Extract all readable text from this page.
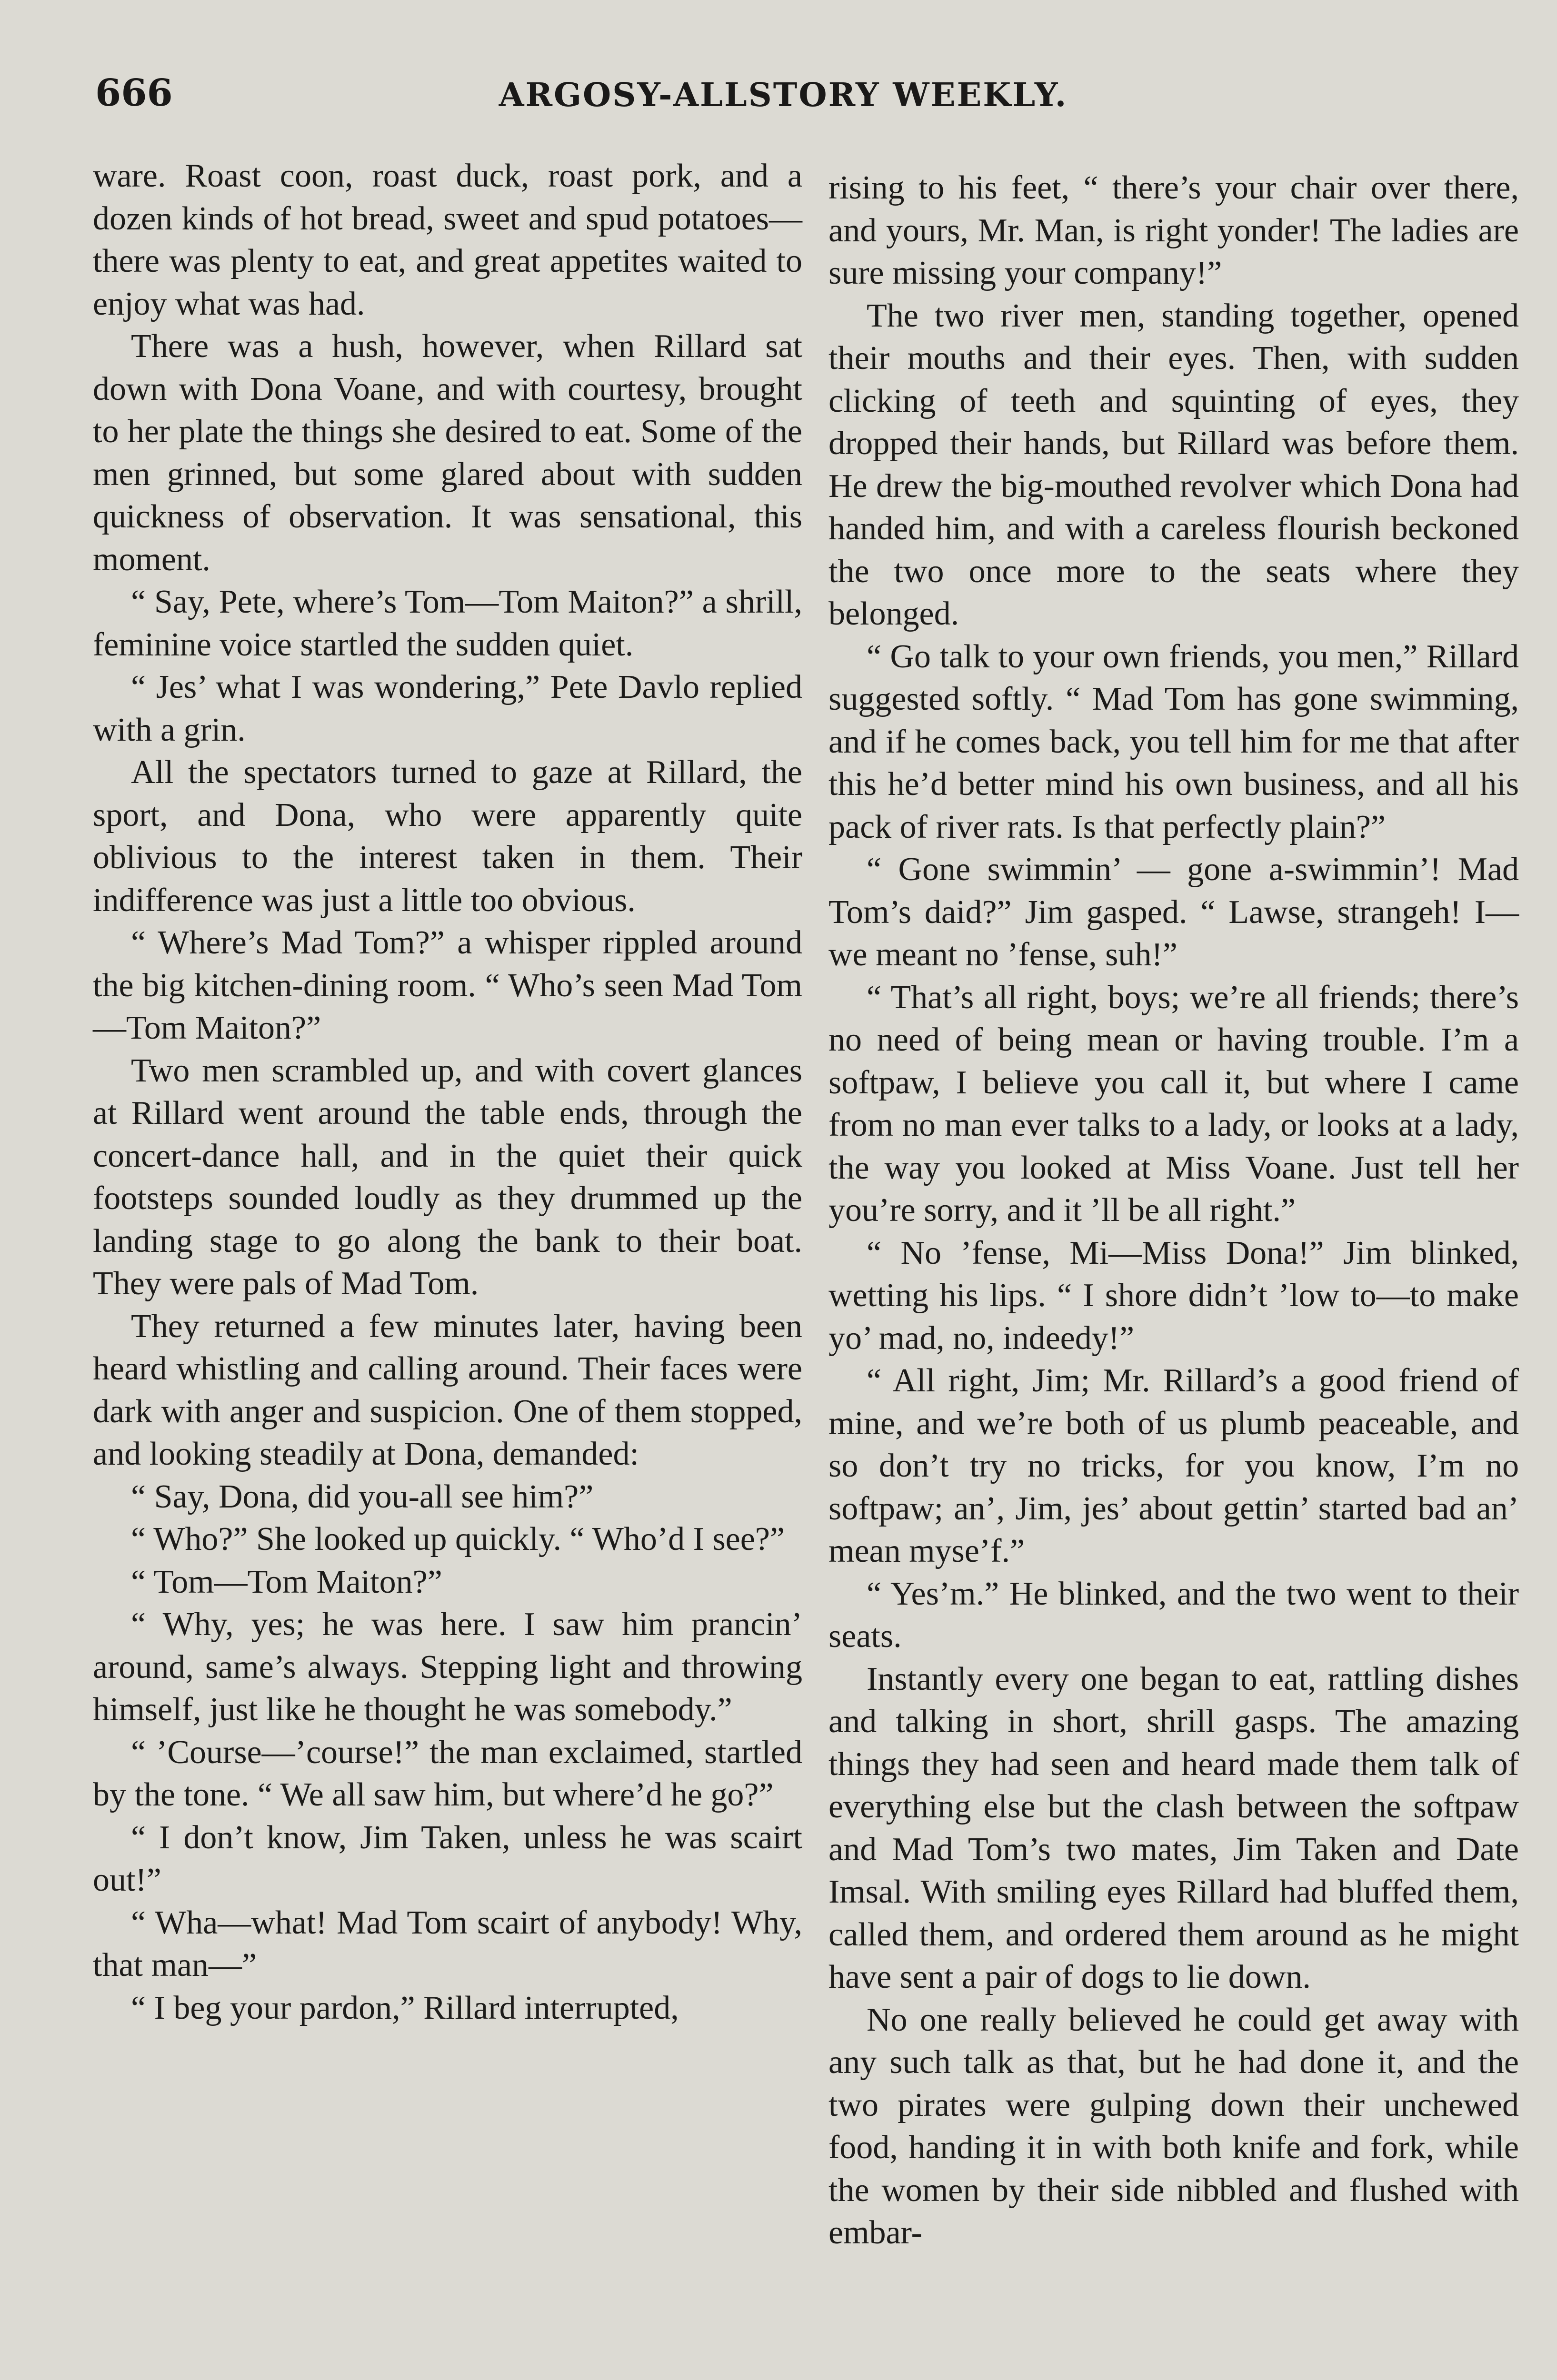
666	ARGOSY-ALLSTORY WEEKLY.

ware. Roast coon, roast duck, roast pork, and a dozen kinds of hot bread, sweet and spud potatoes—there was plenty to eat, and great appetites waited to enjoy what was had.

There was a hush, however, when Rillard sat down with Dona Voane, and with courtesy, brought to her plate the things she desired to eat. Some of the men grinned, but some glared about with sudden quickness of observation. It was sensational, this moment.

“ Say, Pete, where’s Tom—Tom Maiton?” a shrill, feminine voice startled the sudden quiet.

“ Jes’ what I was wondering,” Pete Davlo replied with a grin.

All the spectators turned to gaze at Rillard, the sport, and Dona, who were apparently quite oblivious to the interest taken in them. Their indifference was just a little too obvious.

“ Where’s Mad Tom?” a whisper rippled around the big kitchen-dining room. “ Who’s seen Mad Tom—Tom Maiton?”

Two men scrambled up, and with covert glances at Rillard went around the table ends, through the concert-dance hall, and in the quiet their quick footsteps sounded loudly as they drummed up the landing stage to go along the bank to their boat. They were pals of Mad Tom.

They returned a few minutes later, having been heard whistling and calling around. Their faces were dark with anger and suspicion. One of them stopped, and looking steadily at Dona, demanded:

“ Say, Dona, did you-all see him?”

“ Who?” She looked up quickly. “ Who’d I see?”

“ Tom—Tom Maiton?”

“ Why, yes; he was here. I saw him prancin’ around, same’s always. Stepping light and throwing himself, just like he thought he was somebody.”

“ ’Course—’course!” the man exclaimed, startled by the tone. “ We all saw him, but where’d he go?”

“ I don’t know, Jim Taken, unless he was scairt out!”

“ Wha—what! Mad Tom scairt of anybody! Why, that man—”

“ I beg your pardon,” Rillard interrupted,

rising to his feet, “ there’s your chair over there, and yours, Mr. Man, is right yonder! The ladies are sure missing your company!”

The two river men, standing together, opened their mouths and their eyes. Then, with sudden clicking of teeth and squinting of eyes, they dropped their hands, but Rillard was before them. He drew the big-mouthed revolver which Dona had handed him, and with a careless flourish beckoned the two once more to the seats where they belonged.

“ Go talk to your own friends, you men,” Rillard suggested softly. “ Mad Tom has gone swimming, and if he comes back, you tell him for me that after this he’d better mind his own business, and all his pack of river rats. Is that perfectly plain?”

“ Gone swimmin’ — gone a-swimmin’! Mad Tom’s daid?” Jim gasped. “ Lawse, strangeh! I—we meant no ’fense, suh!”

“ That’s all right, boys; we’re all friends; there’s no need of being mean or having trouble. I’m a softpaw, I believe you call it, but where I came from no man ever talks to a lady, or looks at a lady, the way you looked at Miss Voane. Just tell her you’re sorry, and it ’ll be all right.”

“ No ’fense, Mi—Miss Dona!” Jim blinked, wetting his lips. “ I shore didn’t ’low to—to make yo’ mad, no, indeedy!”

“ All right, Jim; Mr. Rillard’s a good friend of mine, and we’re both of us plumb peaceable, and so don’t try no tricks, for you know, I’m no softpaw; an’, Jim, jes’ about gettin’ started bad an’ mean myse’f.”

“ Yes’m.” He blinked, and the two went to their seats.

Instantly every one began to eat, rattling dishes and talking in short, shrill gasps. The amazing things they had seen and heard made them talk of everything else but the clash between the softpaw and Mad Tom’s two mates, Jim Taken and Date Imsal. With smiling eyes Rillard had bluffed them, called them, and ordered them around as he might have sent a pair of dogs to lie down.

No one really believed he could get away with any such talk as that, but he had done it, and the two pirates were gulping down their unchewed food, handing it in with both knife and fork, while the women by their side nibbled and flushed with embar-
